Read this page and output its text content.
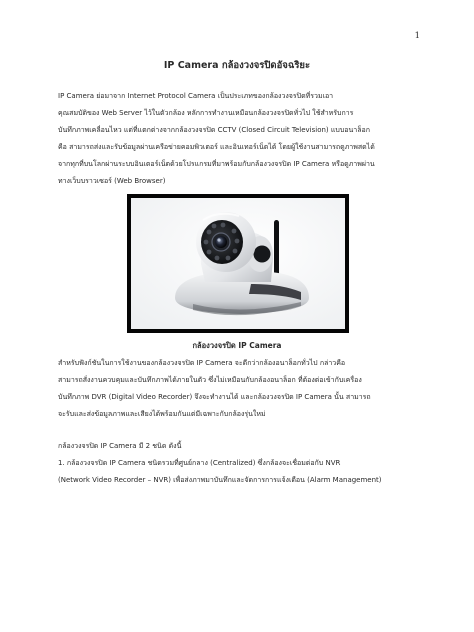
1
IP Camera กล้องวงจรปิดอัจฉริยะ
IP Camera ย่อมาจาก Internet Protocol Camera เป็นประเภทของกล้องวงจรปิดที่รวมเอา
คุณสมบัติของ Web Server ไว้ในตัวกล้อง หลักการทำงานเหมือนกล้องวงจรปิดทั่วไป ใช้สำหรับการ
บันทึกภาพเคลื่อนไหว แต่ที่แตกต่างจากกล้องวงจรปิด CCTV (Closed Circuit Television) แบบอนาล็อก
คือ สามารถส่งและรับข้อมูลผ่านเครือข่ายคอมพิวเตอร์ และอินเทอร์เน็ตได้ โดยผู้ใช้งานสามารถดูภาพสดได้
จากทุกที่บนโลกผ่านระบบอินเตอร์เน็ตด้วยโปรแกรมที่มาพร้อมกับกล้องวงจรปิด IP Camera หรือดูภาพผ่าน
ทางเว็บบราวเซอร์ (Web Browser)
กล้องวงจรปิด IP Camera
สำหรับฟังก์ชันในการใช้งานของกล้องวงจรปิด IP Camera จะดีกว่ากล้องอนาล็อกทั่วไป กล่าวคือ
สามารถสั่งงานควบคุมและบันทึกภาพได้ภายในตัว ซึ่งไม่เหมือนกับกล้องอนาล็อก ที่ต้องต่อเข้ากับเครื่อง
บันทึกภาพ DVR (Digital Video Recorder) จึงจะทำงานได้ และกล้องวงจรปิด IP Camera นั้น สามารถ
จะรับและส่งข้อมูลภาพและเสียงได้พร้อมกันแต่มีเฉพาะกับกล้องรุ่นใหม่
กล้องวงจรปิด IP Camera มี 2 ชนิด ดังนี้
1. กล้องวงจรปิด IP Camera ชนิดรวมที่ศูนย์กลาง (Centralized) ซึ่งกล้องจะเชื่อมต่อกับ NVR
(Network Video Recorder – NVR) เพื่อส่งภาพมาบันทึกและจัดการการแจ้งเตือน (Alarm Management)
